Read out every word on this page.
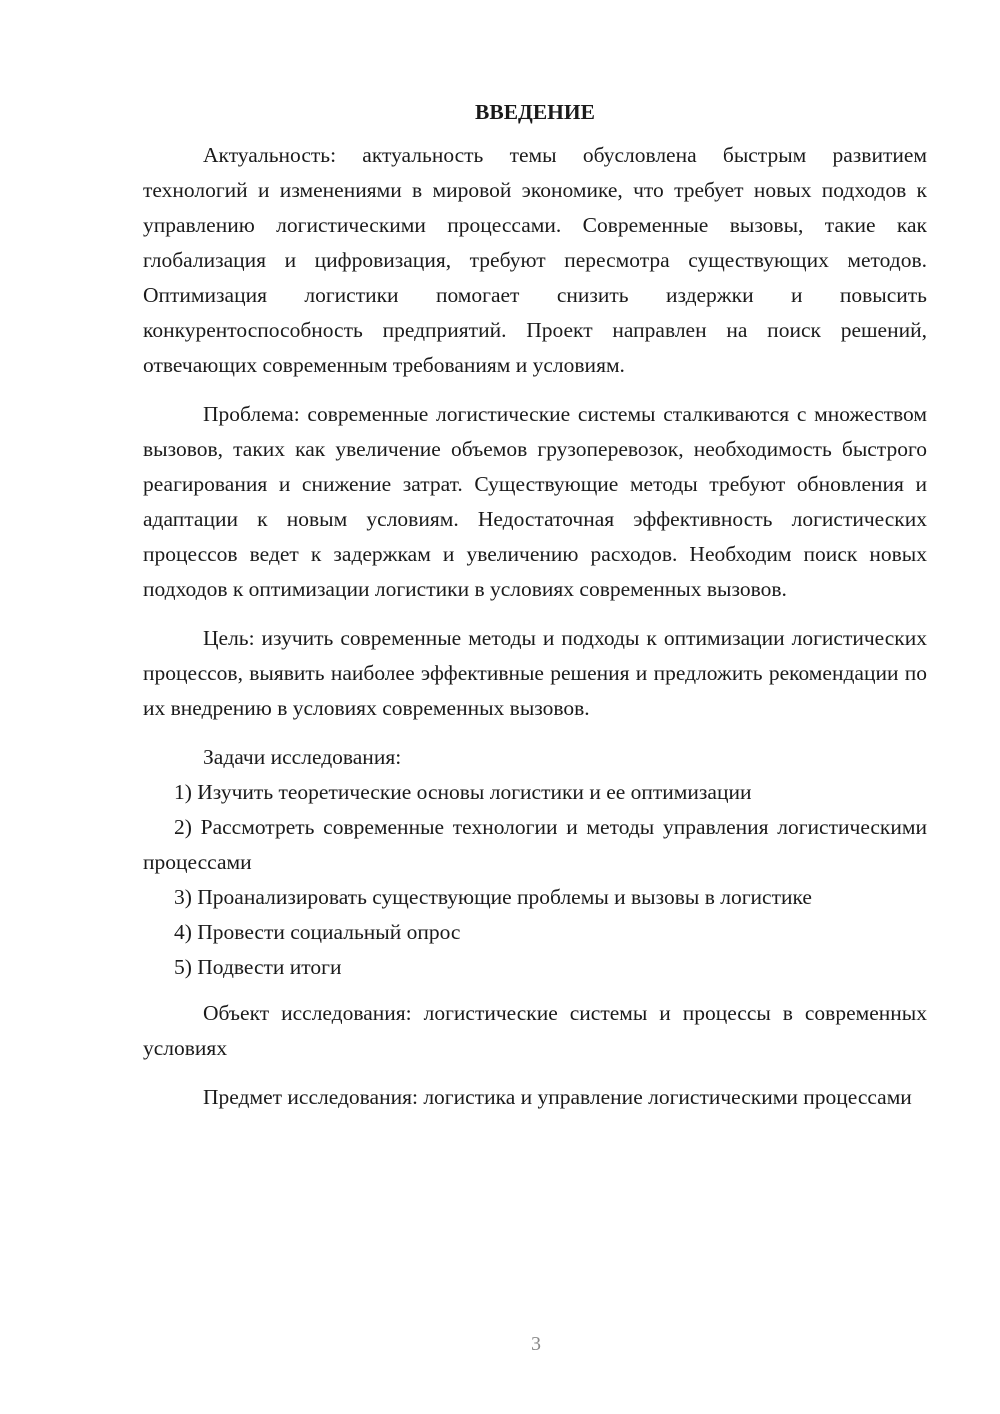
ВВЕДЕНИЕ

Актуальность: актуальность темы обусловлена быстрым развитием технологий и изменениями в мировой экономике, что требует новых подходов к управлению логистическими процессами. Современные вызовы, такие как глобализация и цифровизация, требуют пересмотра существующих методов. Оптимизация логистики помогает снизить издержки и повысить конкурентоспособность предприятий. Проект направлен на поиск решений, отвечающих современным требованиям и условиям.

Проблема: современные логистические системы сталкиваются с множеством вызовов, таких как увеличение объемов грузоперевозок, необходимость быстрого реагирования и снижение затрат. Существующие методы требуют обновления и адаптации к новым условиям. Недостаточная эффективность логистических процессов ведет к задержкам и увеличению расходов. Необходим поиск новых подходов к оптимизации логистики в условиях современных вызовов.

Цель: изучить современные методы и подходы к оптимизации логистических процессов, выявить наиболее эффективные решения и предложить рекомендации по их внедрению в условиях современных вызовов.

Задачи исследования:

1) Изучить теоретические основы логистики и ее оптимизации

2) Рассмотреть современные технологии и методы управления логистическими процессами

3) Проанализировать существующие проблемы и вызовы в логистике

4) Провести социальный опрос

5) Подвести итоги

Объект исследования: логистические системы и процессы в современных условиях

Предмет исследования: логистика и управление логистическими процессами

3
